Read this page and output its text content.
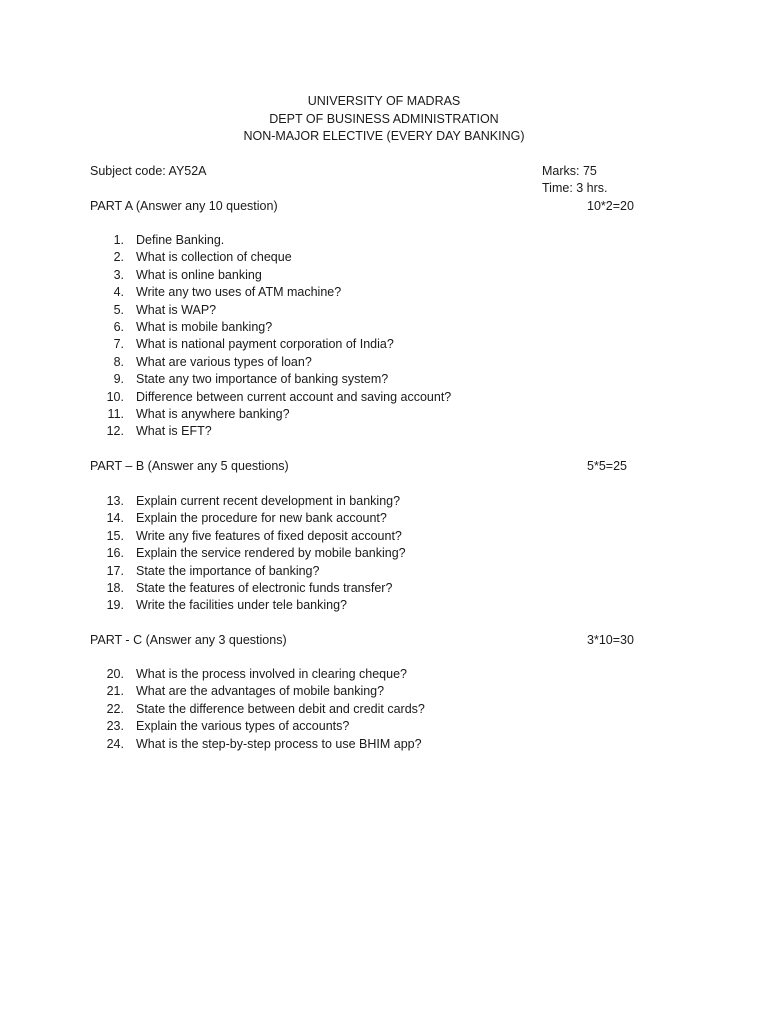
UNIVERSITY OF MADRAS
DEPT OF BUSINESS ADMINISTRATION
NON-MAJOR ELECTIVE (EVERY DAY BANKING)
Subject code: AY52A	Marks: 75
Time: 3 hrs.
PART A (Answer any 10 question)	10*2=20
1. Define Banking.
2. What is collection of cheque
3. What is online banking
4. Write any two uses of ATM machine?
5. What is WAP?
6. What is mobile banking?
7. What is national payment corporation of India?
8. What are various types of loan?
9. State any two importance of banking system?
10. Difference between current account and saving account?
11. What is anywhere banking?
12. What is EFT?
PART – B (Answer any 5 questions)	5*5=25
13. Explain current recent development in banking?
14. Explain the procedure for new bank account?
15. Write any five features of fixed deposit account?
16. Explain the service rendered by mobile banking?
17. State the importance of banking?
18. State the features of electronic funds transfer?
19. Write the facilities under tele banking?
PART - C (Answer any 3 questions)	3*10=30
20. What is the process involved in clearing cheque?
21. What are the advantages of mobile banking?
22. State the difference between debit and credit cards?
23. Explain the various types of accounts?
24. What is the step-by-step process to use BHIM app?
